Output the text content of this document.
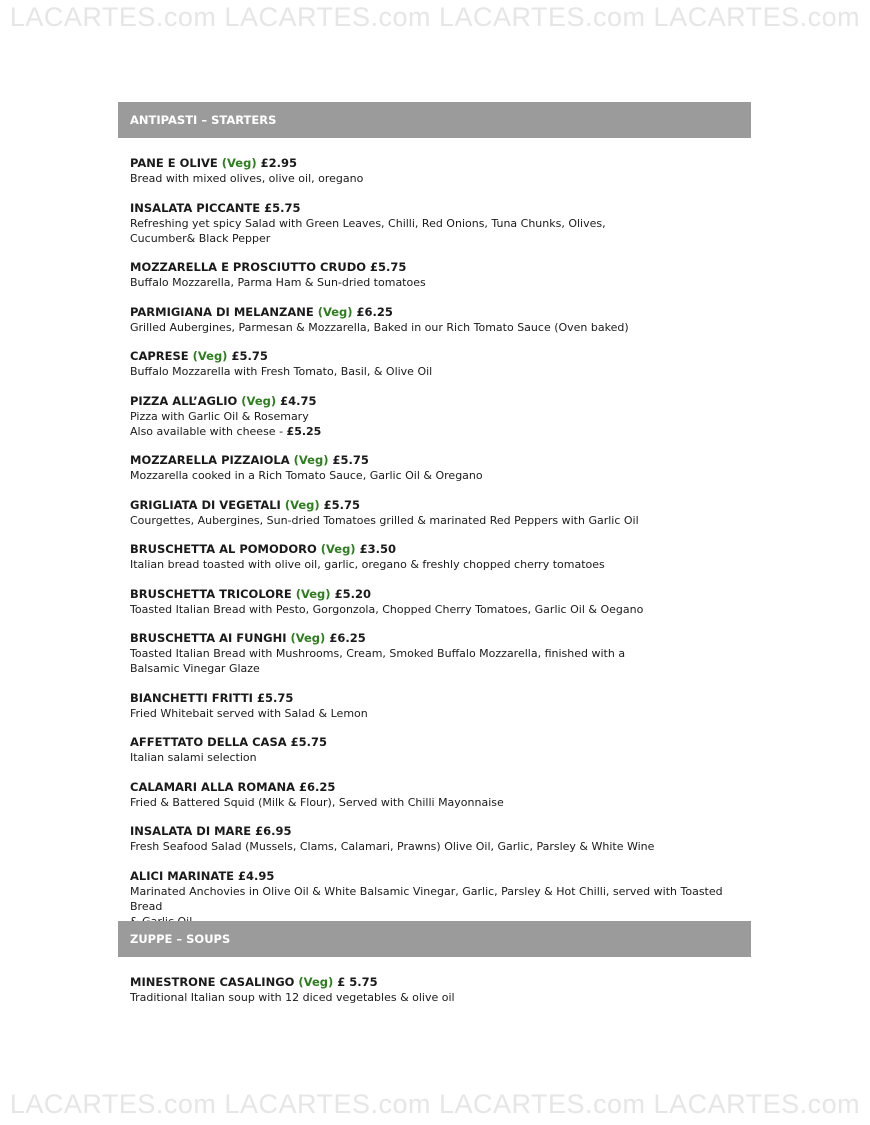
LACARTES.com LACARTES.com LACARTES.com LACARTES.com
ANTIPASTI – STARTERS
PANE E OLIVE (Veg) £2.95
Bread with mixed olives, olive oil, oregano
INSALATA PICCANTE £5.75
Refreshing yet spicy Salad with Green Leaves, Chilli, Red Onions, Tuna Chunks, Olives,
Cucumber& Black Pepper
MOZZARELLA E PROSCIUTTO CRUDO £5.75
Buffalo Mozzarella, Parma Ham & Sun-dried tomatoes
PARMIGIANA DI MELANZANE (Veg) £6.25
Grilled Aubergines, Parmesan & Mozzarella, Baked in our Rich Tomato Sauce (Oven baked)
CAPRESE (Veg) £5.75
Buffalo Mozzarella with Fresh Tomato, Basil, & Olive Oil
PIZZA ALL’AGLIO (Veg) £4.75
Pizza with Garlic Oil & Rosemary
Also available with cheese - £5.25
MOZZARELLA PIZZAIOLA (Veg) £5.75
Mozzarella cooked in a Rich Tomato Sauce, Garlic Oil & Oregano
GRIGLIATA DI VEGETALI (Veg) £5.75
Courgettes, Aubergines, Sun-dried Tomatoes grilled & marinated Red Peppers with Garlic Oil
BRUSCHETTA AL POMODORO (Veg) £3.50
Italian bread toasted with olive oil, garlic, oregano & freshly chopped cherry tomatoes
BRUSCHETTA TRICOLORE (Veg) £5.20
Toasted Italian Bread with Pesto, Gorgonzola, Chopped Cherry Tomatoes, Garlic Oil & Oegano
BRUSCHETTA AI FUNGHI (Veg) £6.25
Toasted Italian Bread with Mushrooms, Cream, Smoked Buffalo Mozzarella, finished with a
Balsamic Vinegar Glaze
BIANCHETTI FRITTI £5.75
Fried Whitebait served with Salad & Lemon
AFFETTATO DELLA CASA £5.75
Italian salami selection
CALAMARI ALLA ROMANA £6.25
Fried & Battered Squid (Milk & Flour), Served with Chilli Mayonnaise
INSALATA DI MARE £6.95
Fresh Seafood Salad (Mussels, Clams, Calamari, Prawns) Olive Oil, Garlic, Parsley & White Wine
ALICI MARINATE £4.95
Marinated Anchovies in Olive Oil & White Balsamic Vinegar, Garlic, Parsley & Hot Chilli, served with Toasted Bread
ZUPPE – SOUPS
MINESTRONE CASALINGO (Veg) £ 5.75
Traditional Italian soup with 12 diced vegetables & olive oil
LACARTES.com LACARTES.com LACARTES.com LACARTES.com
